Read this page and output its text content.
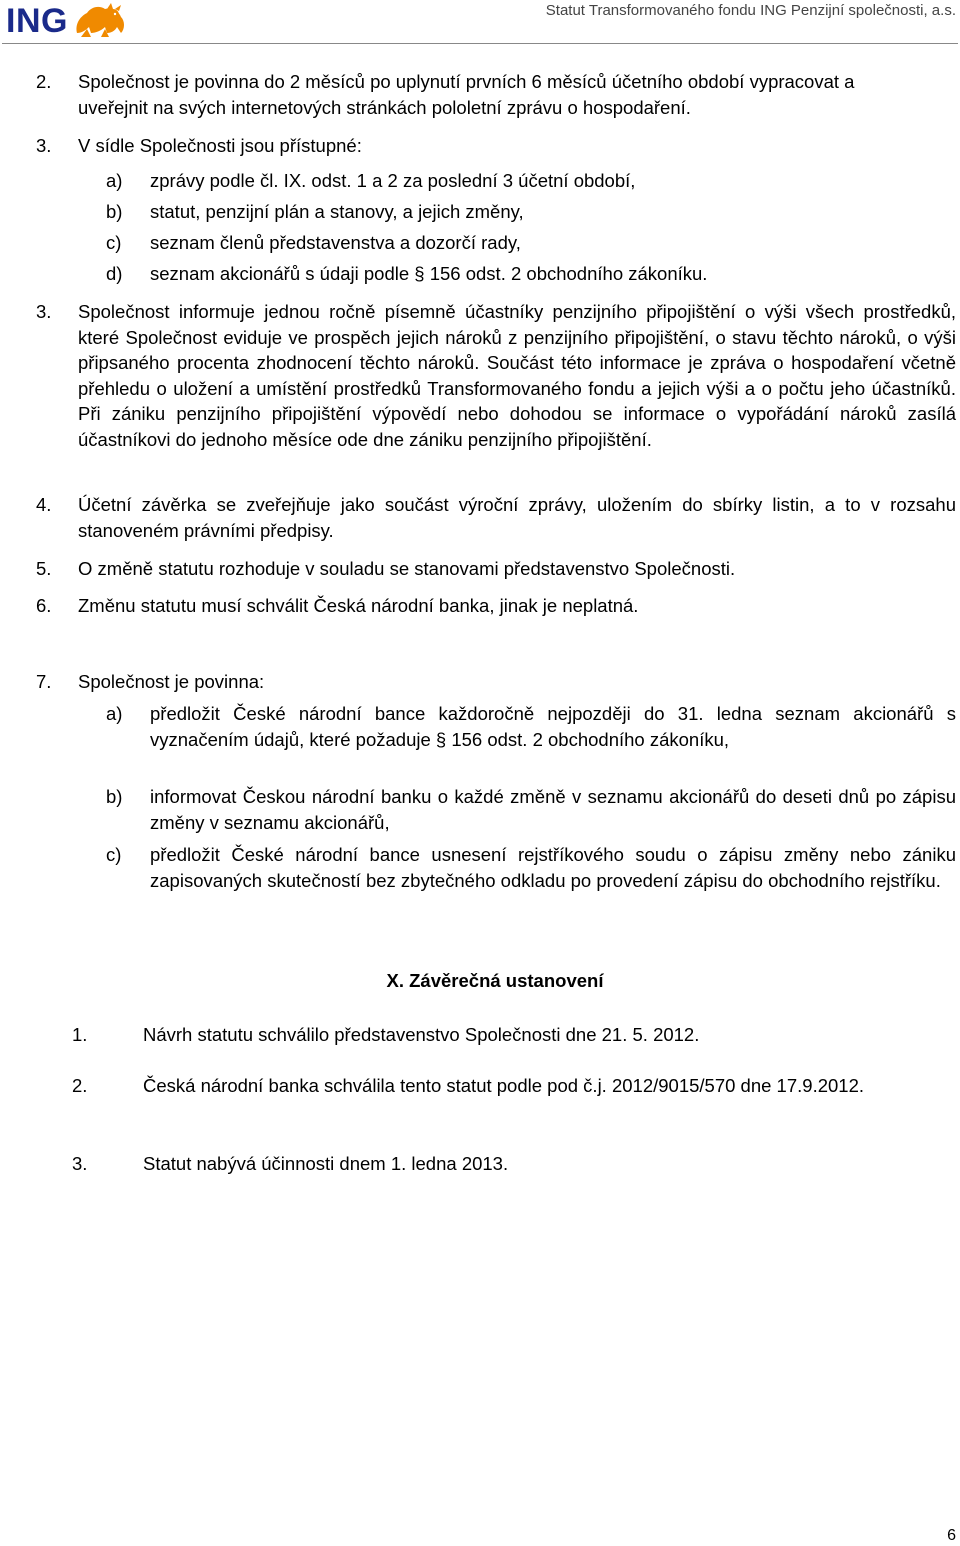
ING	Statut Transformovaného fondu ING Penzijní společnosti, a.s.
2. Společnost je povinna do 2 měsíců po uplynutí prvních 6 měsíců účetního období vypracovat a uveřejnit na svých internetových stránkách pololetní zprávu o hospodaření.
3. V sídle Společnosti jsou přístupné:
a) zprávy podle čl. IX. odst. 1 a 2 za poslední 3 účetní období,
b) statut, penzijní plán a stanovy, a jejich změny,
c) seznam členů představenstva a dozorčí rady,
d) seznam akcionářů s údaji podle § 156 odst. 2 obchodního zákoníku.
3. Společnost informuje jednou ročně písemně účastníky penzijního připojištění o výši všech prostředků, které Společnost eviduje ve prospěch jejich nároků z penzijního připojištění, o stavu těchto nároků, o výši připsaného procenta zhodnocení těchto nároků. Součást této informace je zpráva o hospodaření včetně přehledu o uložení a umístění prostředků Transformovaného fondu a jejich výši a o počtu jeho účastníků. Při zániku penzijního připojištění výpovědí nebo dohodou se informace o vypořádání nároků zasílá účastníkovi do jednoho měsíce ode dne zániku penzijního připojištění.
4. Účetní závěrka se zveřejňuje jako součást výroční zprávy, uložením do sbírky listin, a to v rozsahu stanoveném právními předpisy.
5. O změně statutu rozhoduje v souladu se stanovami představenstvo Společnosti.
6. Změnu statutu musí schválit Česká národní banka, jinak je neplatná.
7. Společnost je povinna:
a) předložit České národní bance každoročně nejpozději do 31. ledna seznam akcionářů s vyznačením údajů, které požaduje § 156 odst. 2 obchodního zákoníku,
b) informovat Českou národní banku o každé změně v seznamu akcionářů do deseti dnů po zápisu změny v seznamu akcionářů,
c) předložit České národní bance usnesení rejstříkového soudu o zápisu změny nebo zániku zapisovaných skutečností bez zbytečného odkladu po provedení zápisu do obchodního rejstříku.
X. Závěrečná ustanovení
1.	Návrh statutu schválilo představenstvo Společnosti dne 21. 5. 2012.
2.	Česká národní banka schválila tento statut podle pod č.j. 2012/9015/570 dne 17.9.2012.
3.	Statut nabývá účinnosti dnem 1. ledna 2013.
6
